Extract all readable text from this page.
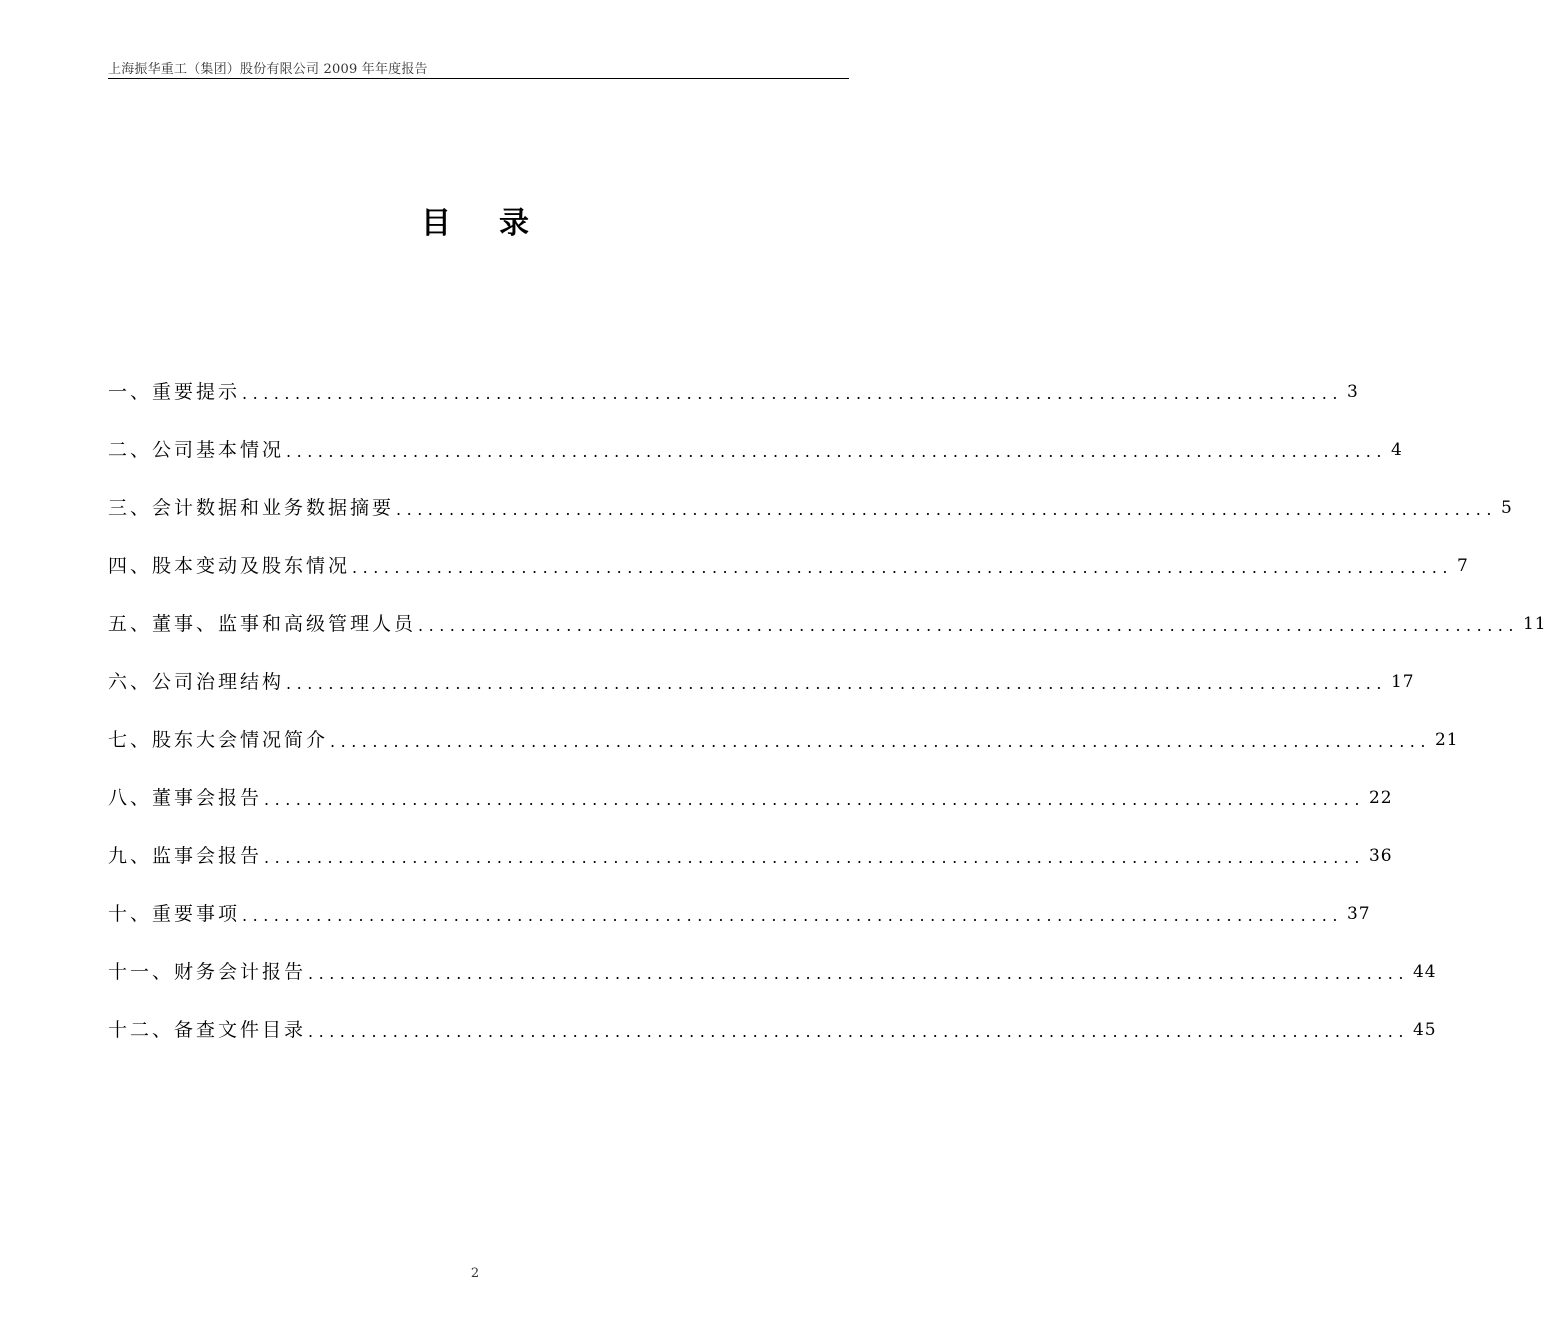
上海振华重工（集团）股份有限公司 2009 年年度报告
目录
一、重要提示 ........................................................................................................ 3
二、公司基本情况 ........................................................................................................ 4
三、会计数据和业务数据摘要 ........................................................................................................ 5
四、股本变动及股东情况 ........................................................................................................ 7
五、董事、监事和高级管理人员 ........................................................................................................ 11
六、公司治理结构 ........................................................................................................ 17
七、股东大会情况简介 ........................................................................................................ 21
八、董事会报告 ........................................................................................................ 22
九、监事会报告 ........................................................................................................ 36
十、重要事项 ........................................................................................................ 37
十一、财务会计报告 ........................................................................................................ 44
十二、备查文件目录 ........................................................................................................ 45
2
